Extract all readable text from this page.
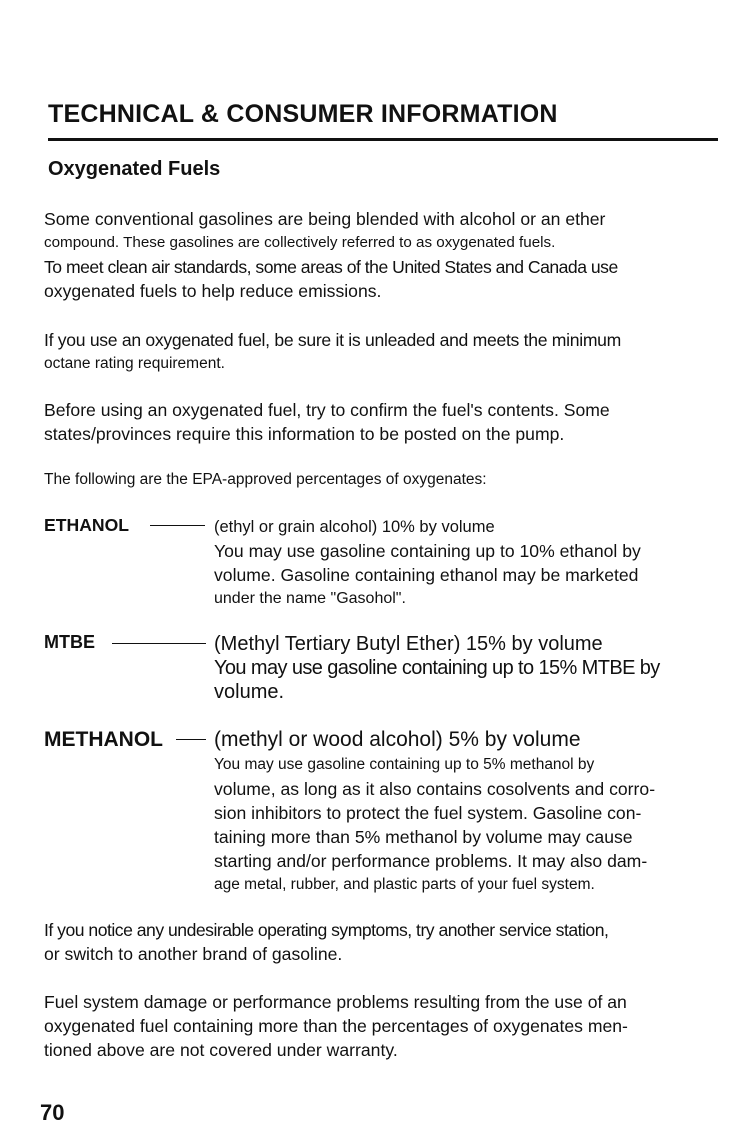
TECHNICAL & CONSUMER INFORMATION
Oxygenated Fuels
Some conventional gasolines are being blended with alcohol or an ether
compound. These gasolines are collectively referred to as oxygenated fuels.
To meet clean air standards, some areas of the United States and Canada use
oxygenated fuels to help reduce emissions.
If you use an oxygenated fuel, be sure it is unleaded and meets the minimum
octane rating requirement.
Before using an oxygenated fuel, try to confirm the fuel's contents. Some
states/provinces require this information to be posted on the pump.
The following are the EPA-approved percentages of oxygenates:
ETHANOL	(ethyl or grain alcohol) 10% by volume
You may use gasoline containing up to 10% ethanol by
volume. Gasoline containing ethanol may be marketed
under the name "Gasohol".
MTBE	(Methyl Tertiary Butyl Ether) 15% by volume
You may use gasoline containing up to 15% MTBE by
volume.
METHANOL (methyl or wood alcohol) 5% by volume
You may use gasoline containing up to 5% methanol by
volume, as long as it also contains cosolvents and corro-
sion inhibitors to protect the fuel system. Gasoline con-
taining more than 5% methanol by volume may cause
starting and/or performance problems. It may also dam-
age metal, rubber, and plastic parts of your fuel system.
If you notice any undesirable operating symptoms, try another service station,
or switch to another brand of gasoline.
Fuel system damage or performance problems resulting from the use of an
oxygenated fuel containing more than the percentages of oxygenates men-
tioned above are not covered under warranty.
70
